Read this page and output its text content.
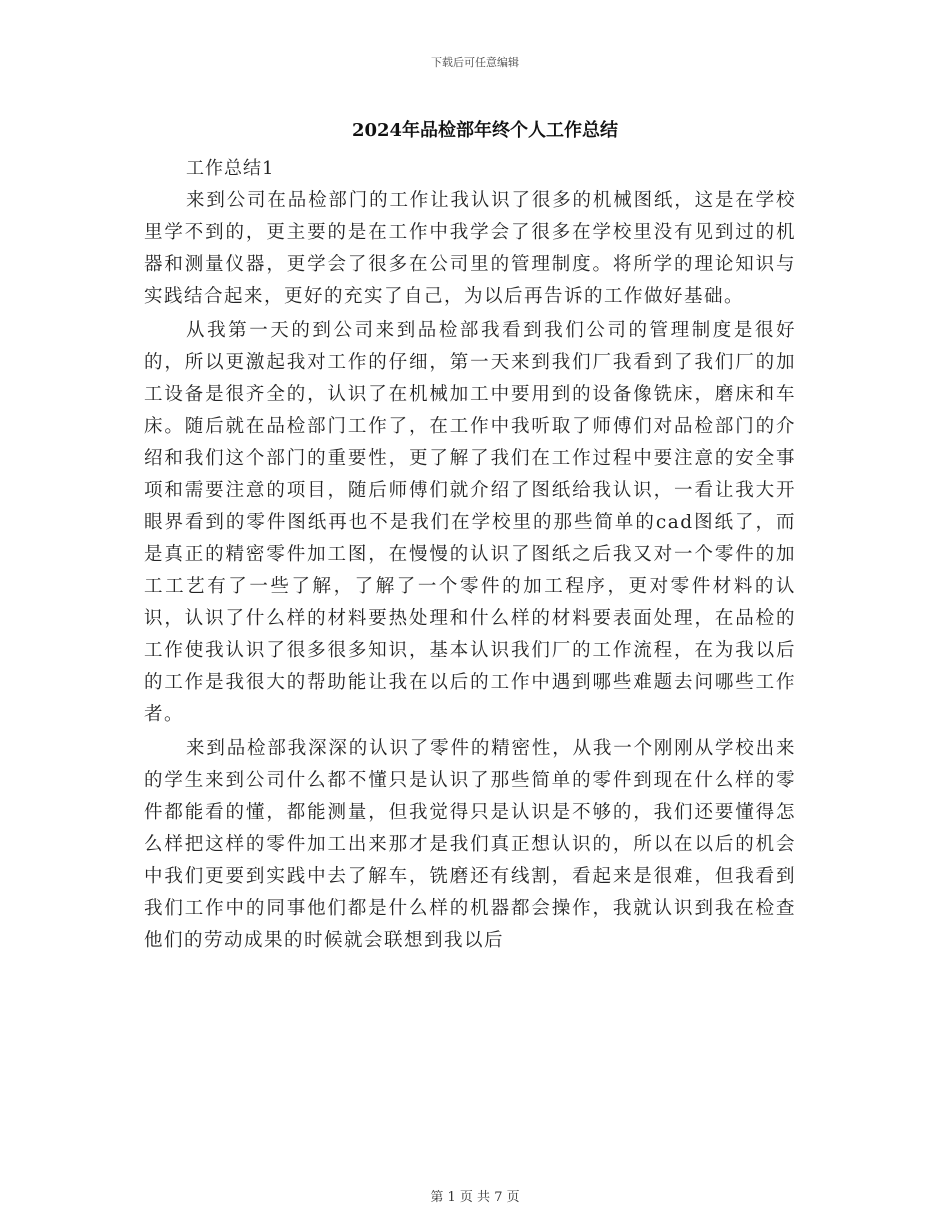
下载后可任意编辑
2024年品检部年终个人工作总结
工作总结1

来到公司在品检部门的工作让我认识了很多的机械图纸，这是在学校里学不到的，更主要的是在工作中我学会了很多在学校里没有见到过的机器和测量仪器，更学会了很多在公司里的管理制度。将所学的理论知识与实践结合起来，更好的充实了自己，为以后再告诉的工作做好基础。

从我第一天的到公司来到品检部我看到我们公司的管理制度是很好的，所以更激起我对工作的仔细，第一天来到我们厂我看到了我们厂的加工设备是很齐全的，认识了在机械加工中要用到的设备像铣床，磨床和车床。随后就在品检部门工作了，在工作中我听取了师傅们对品检部门的介绍和我们这个部门的重要性，更了解了我们在工作过程中要注意的安全事项和需要注意的项目，随后师傅们就介绍了图纸给我认识，一看让我大开眼界看到的零件图纸再也不是我们在学校里的那些简单的cad图纸了，而是真正的精密零件加工图，在慢慢的认识了图纸之后我又对一个零件的加工工艺有了一些了解，了解了一个零件的加工程序，更对零件材料的认识，认识了什么样的材料要热处理和什么样的材料要表面处理，在品检的工作使我认识了很多很多知识，基本认识我们厂的工作流程，在为我以后的工作是我很大的帮助能让我在以后的工作中遇到哪些难题去问哪些工作者。

来到品检部我深深的认识了零件的精密性，从我一个刚刚从学校出来的学生来到公司什么都不懂只是认识了那些简单的零件到现在什么样的零件都能看的懂，都能测量，但我觉得只是认识是不够的，我们还要懂得怎么样把这样的零件加工出来那才是我们真正想认识的，所以在以后的机会中我们更要到实践中去了解车，铣磨还有线割，看起来是很难，但我看到我们工作中的同事他们都是什么样的机器都会操作，我就认识到我在检查他们的劳动成果的时候就会联想到我以后

第 1 页 共 7 页
